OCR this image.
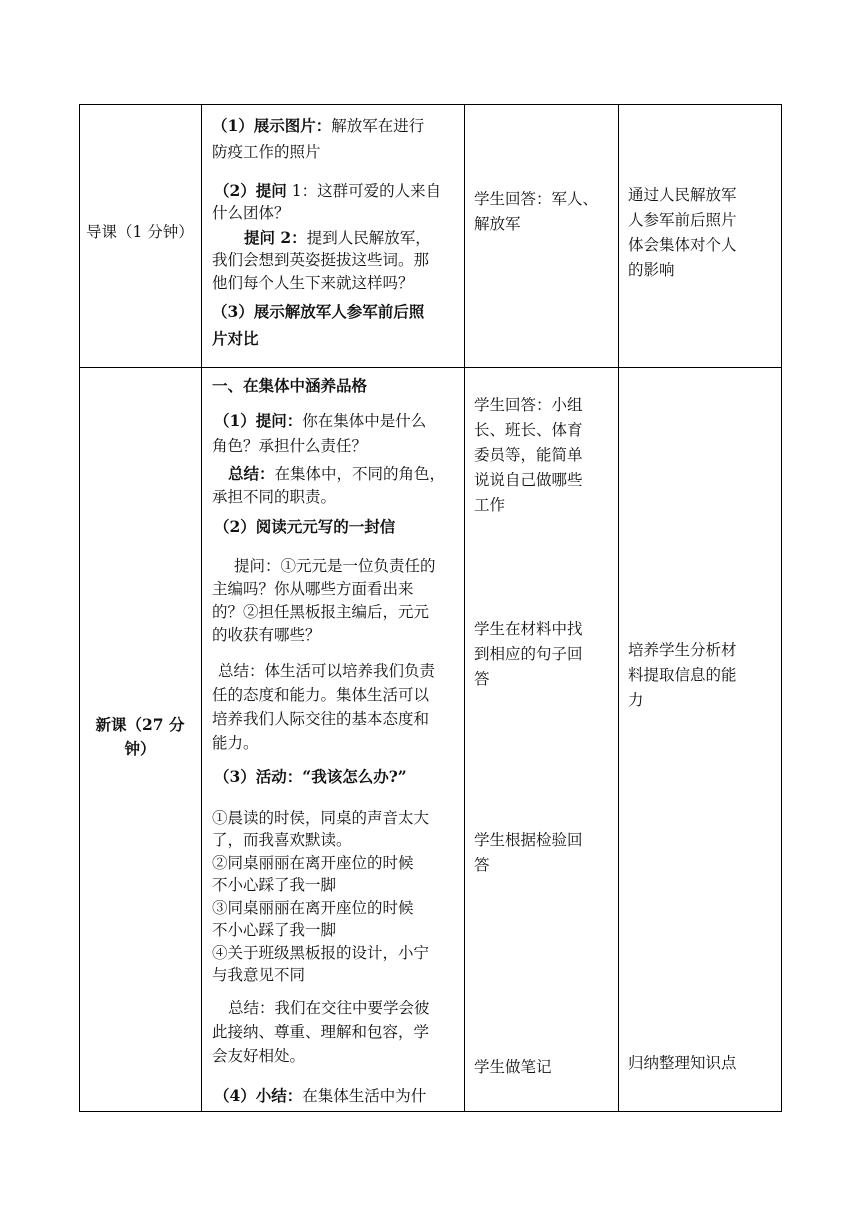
导课（1 分钟）
（1）展示图片：解放军在进行
防疫工作的照片
（2）提问 1：这群可爱的人来自
什么团体？
提问 2：提到人民解放军，
我们会想到英姿挺拔这些词。那
他们每个人生下来就这样吗？
（3）展示解放军人参军前后照
片对比
学生回答：军人、
解放军
通过人民解放军
人参军前后照片
体会集体对个人
的影响
新课（27 分
钟）
一、在集体中涵养品格
（1）提问：你在集体中是什么
角色？承担什么责任？
总结：在集体中，不同的角色，
承担不同的职责。
（2）阅读元元写的一封信
提问：①元元是一位负责任的
主编吗？你从哪些方面看出来
的？②担任黑板报主编后，元元
的收获有哪些？
总结：体生活可以培养我们负责
任的态度和能力。集体生活可以
培养我们人际交往的基本态度和
能力。
（3）活动：“我该怎么办?”
①晨读的时侯，同桌的声音太大
了，而我喜欢默读。
②同桌丽丽在离开座位的时候
不小心踩了我一脚
③同桌丽丽在离开座位的时候
不小心踩了我一脚
④关于班级黑板报的设计，小宁
与我意见不同
总结：我们在交往中要学会彼
此接纳、尊重、理解和包容，学
会友好相处。
（4）小结：在集体生活中为什
学生回答：小组
长、班长、体育
委员等，能简单
说说自己做哪些
工作
学生在材料中找
到相应的句子回
答
学生根据检验回
答
学生做笔记
培养学生分析材
料提取信息的能
力
归纳整理知识点
